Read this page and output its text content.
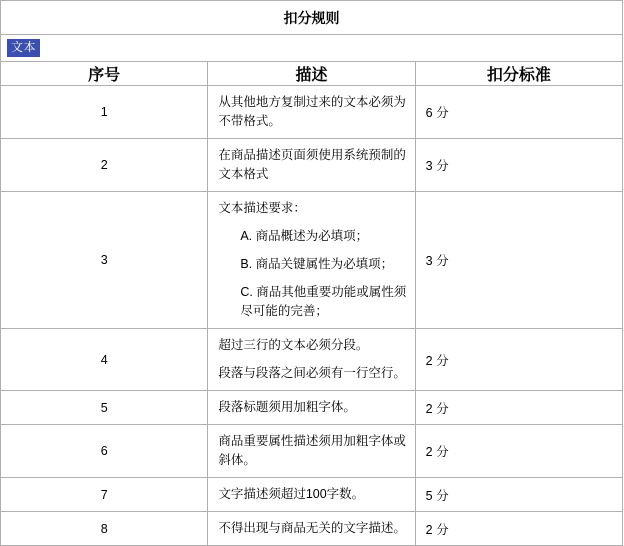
扣分规则		
文本		
序号	描述	扣分标准
1	从其他地方复制过来的文本必须为不带格式。	6 分
2	在商品描述页面须使用系统预制的文本格式	3 分
3	文本描述要求：
A. 商品概述为必填项；
B. 商品关键属性为必填项；
C. 商品其他重要功能或属性须尽可能的完善；	3 分
4	超过三行的文本必须分段。
段落与段落之间必须有一行空行。	2 分
5	段落标题须用加粗字体。	2 分
6	商品重要属性描述须用加粗字体或斜体。	2 分
7	文字描述须超过100字数。	5 分
8	不得出现与商品无关的文字描述。	2 分
